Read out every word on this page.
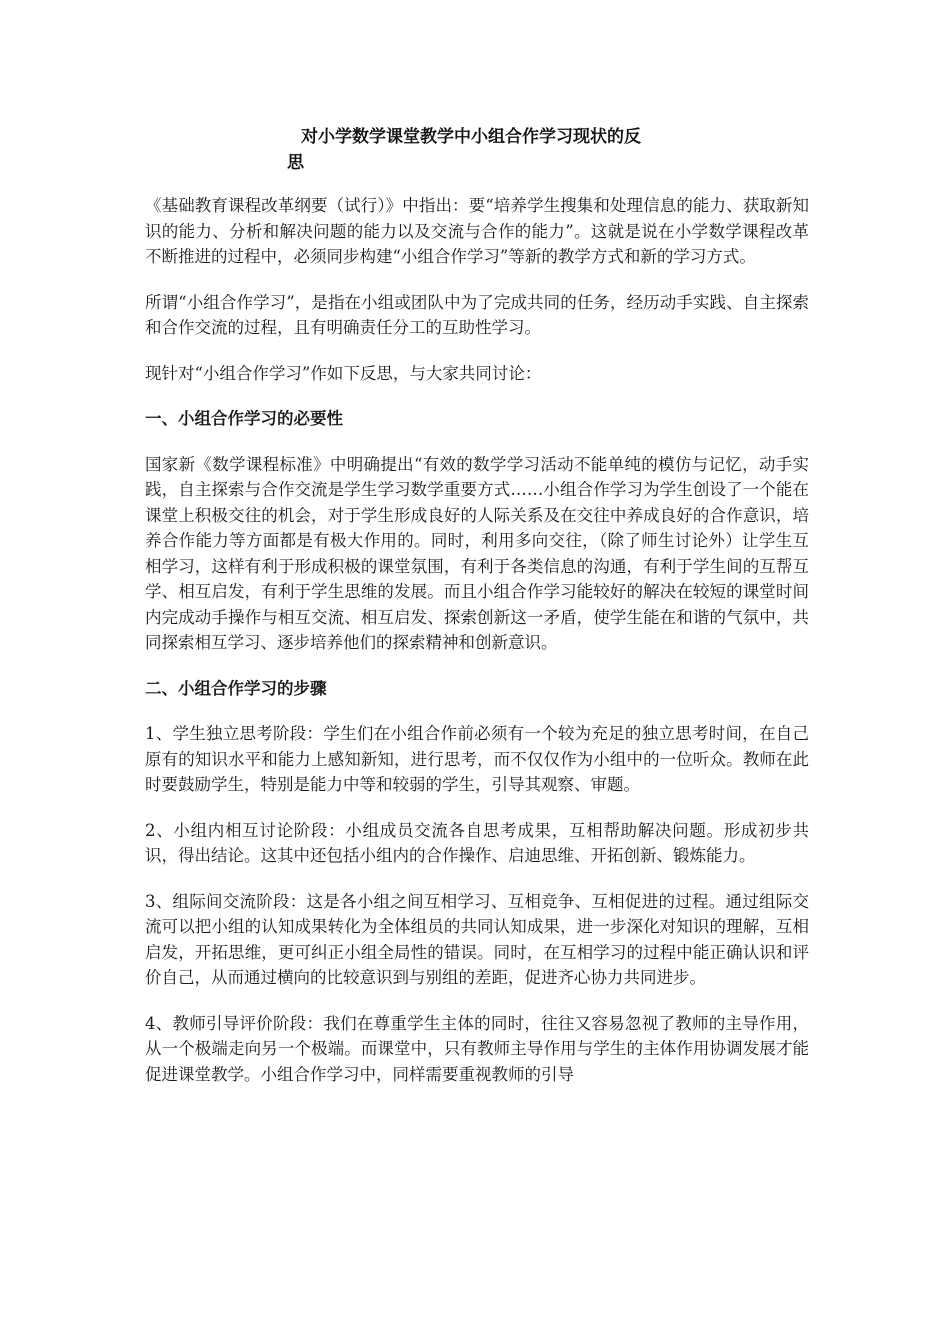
对小学数学课堂教学中小组合作学习现状的反
思

《基础教育课程改革纲要（试行）》中指出：要“培养学生搜集和处理信息的能力、获取新知识的能力、分析和解决问题的能力以及交流与合作的能力”。这就是说在小学数学课程改革不断推进的过程中，必须同步构建“小组合作学习”等新的教学方式和新的学习方式。

所谓“小组合作学习”，是指在小组或团队中为了完成共同的任务，经历动手实践、自主探索和合作交流的过程，且有明确责任分工的互助性学习。

现针对“小组合作学习”作如下反思，与大家共同讨论：

一、小组合作学习的必要性

国家新《数学课程标准》中明确提出“有效的数学学习活动不能单纯的模仿与记忆，动手实践，自主探索与合作交流是学生学习数学重要方式……小组合作学习为学生创设了一个能在课堂上积极交往的机会，对于学生形成良好的人际关系及在交往中养成良好的合作意识，培养合作能力等方面都是有极大作用的。同时，利用多向交往，（除了师生讨论外）让学生互相学习，这样有利于形成积极的课堂氛围，有利于各类信息的沟通，有利于学生间的互帮互学、相互启发，有利于学生思维的发展。而且小组合作学习能较好的解决在较短的课堂时间内完成动手操作与相互交流、相互启发、探索创新这一矛盾，使学生能在和谐的气氛中，共同探索相互学习、逐步培养他们的探索精神和创新意识。

二、小组合作学习的步骤

1、学生独立思考阶段：学生们在小组合作前必须有一个较为充足的独立思考时间，在自己原有的知识水平和能力上感知新知，进行思考，而不仅仅作为小组中的一位听众。教师在此时要鼓励学生，特别是能力中等和较弱的学生，引导其观察、审题。

2、小组内相互讨论阶段：小组成员交流各自思考成果，互相帮助解决问题。形成初步共识，得出结论。这其中还包括小组内的合作操作、启迪思维、开拓创新、锻炼能力。

3、组际间交流阶段：这是各小组之间互相学习、互相竞争、互相促进的过程。通过组际交流可以把小组的认知成果转化为全体组员的共同认知成果，进一步深化对知识的理解，互相启发，开拓思维，更可纠正小组全局性的错误。同时，在互相学习的过程中能正确认识和评价自己，从而通过横向的比较意识到与别组的差距，促进齐心协力共同进步。

4、教师引导评价阶段：我们在尊重学生主体的同时，往往又容易忽视了教师的主导作用，从一个极端走向另一个极端。而课堂中，只有教师主导作用与学生的主体作用协调发展才能促进课堂教学。小组合作学习中，同样需要重视教师的引导
